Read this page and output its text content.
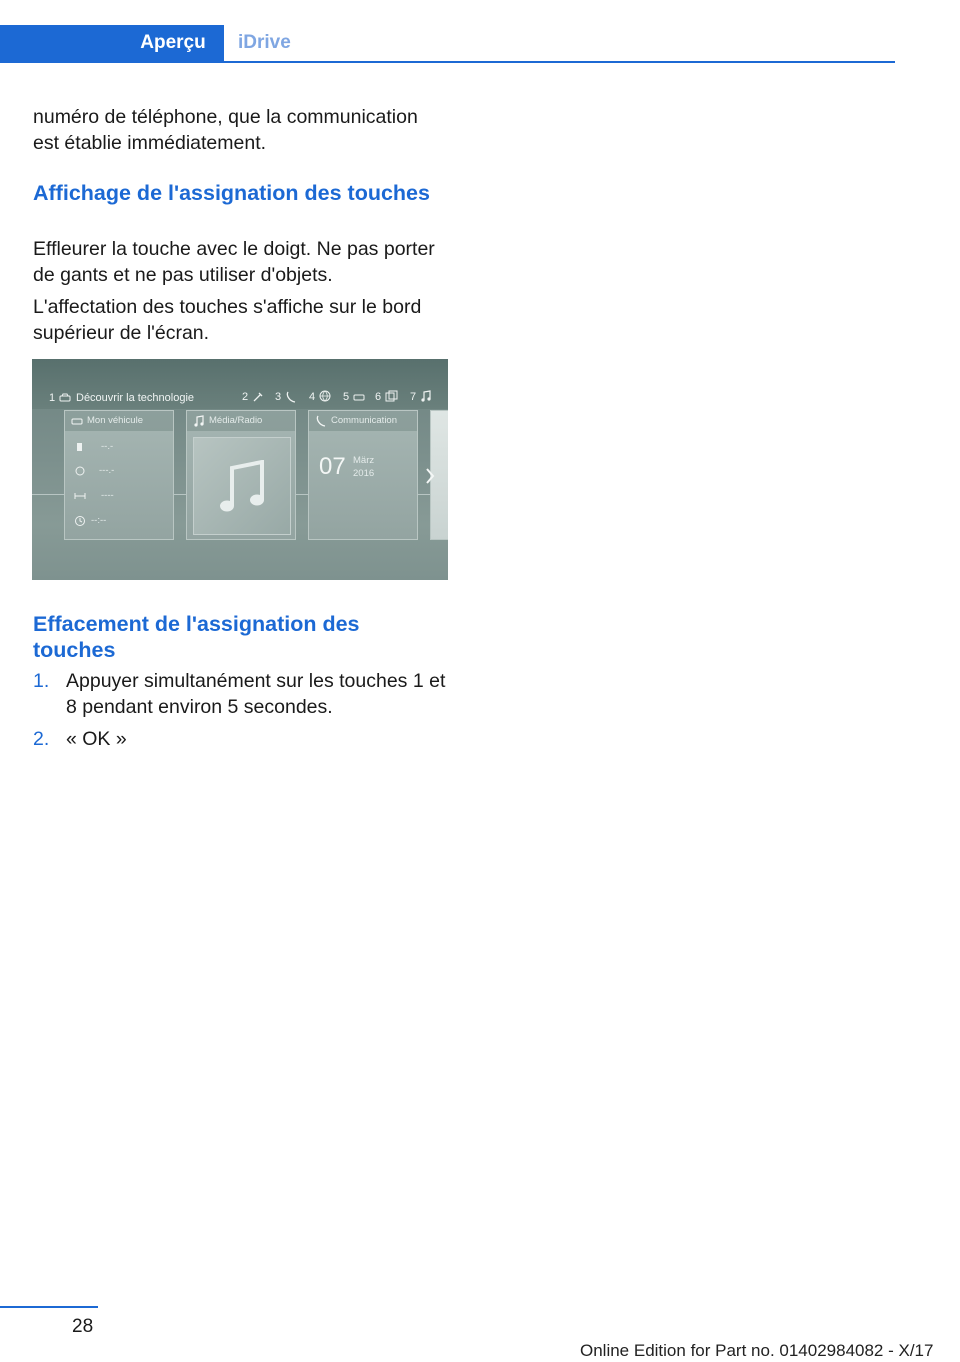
Aperçu	iDrive
numéro de téléphone, que la communication est établie immédiatement.
Affichage de l'assignation des touches
Effleurer la touche avec le doigt. Ne pas porter de gants et ne pas utiliser d'objets.
L'affectation des touches s'affiche sur le bord supérieur de l'écran.
1 Découvrir la technologie	2 3	4	5 6	7
Mon véhicule
--.-
---.-
----
--:--
Média/Radio	Communication
07 März
2016
Effacement de l'assignation des touches
1. Appuyer simultanément sur les touches 1 et 8 pendant environ 5 secondes.
2. « OK »
28
Online Edition for Part no. 01402984082 - X/17
